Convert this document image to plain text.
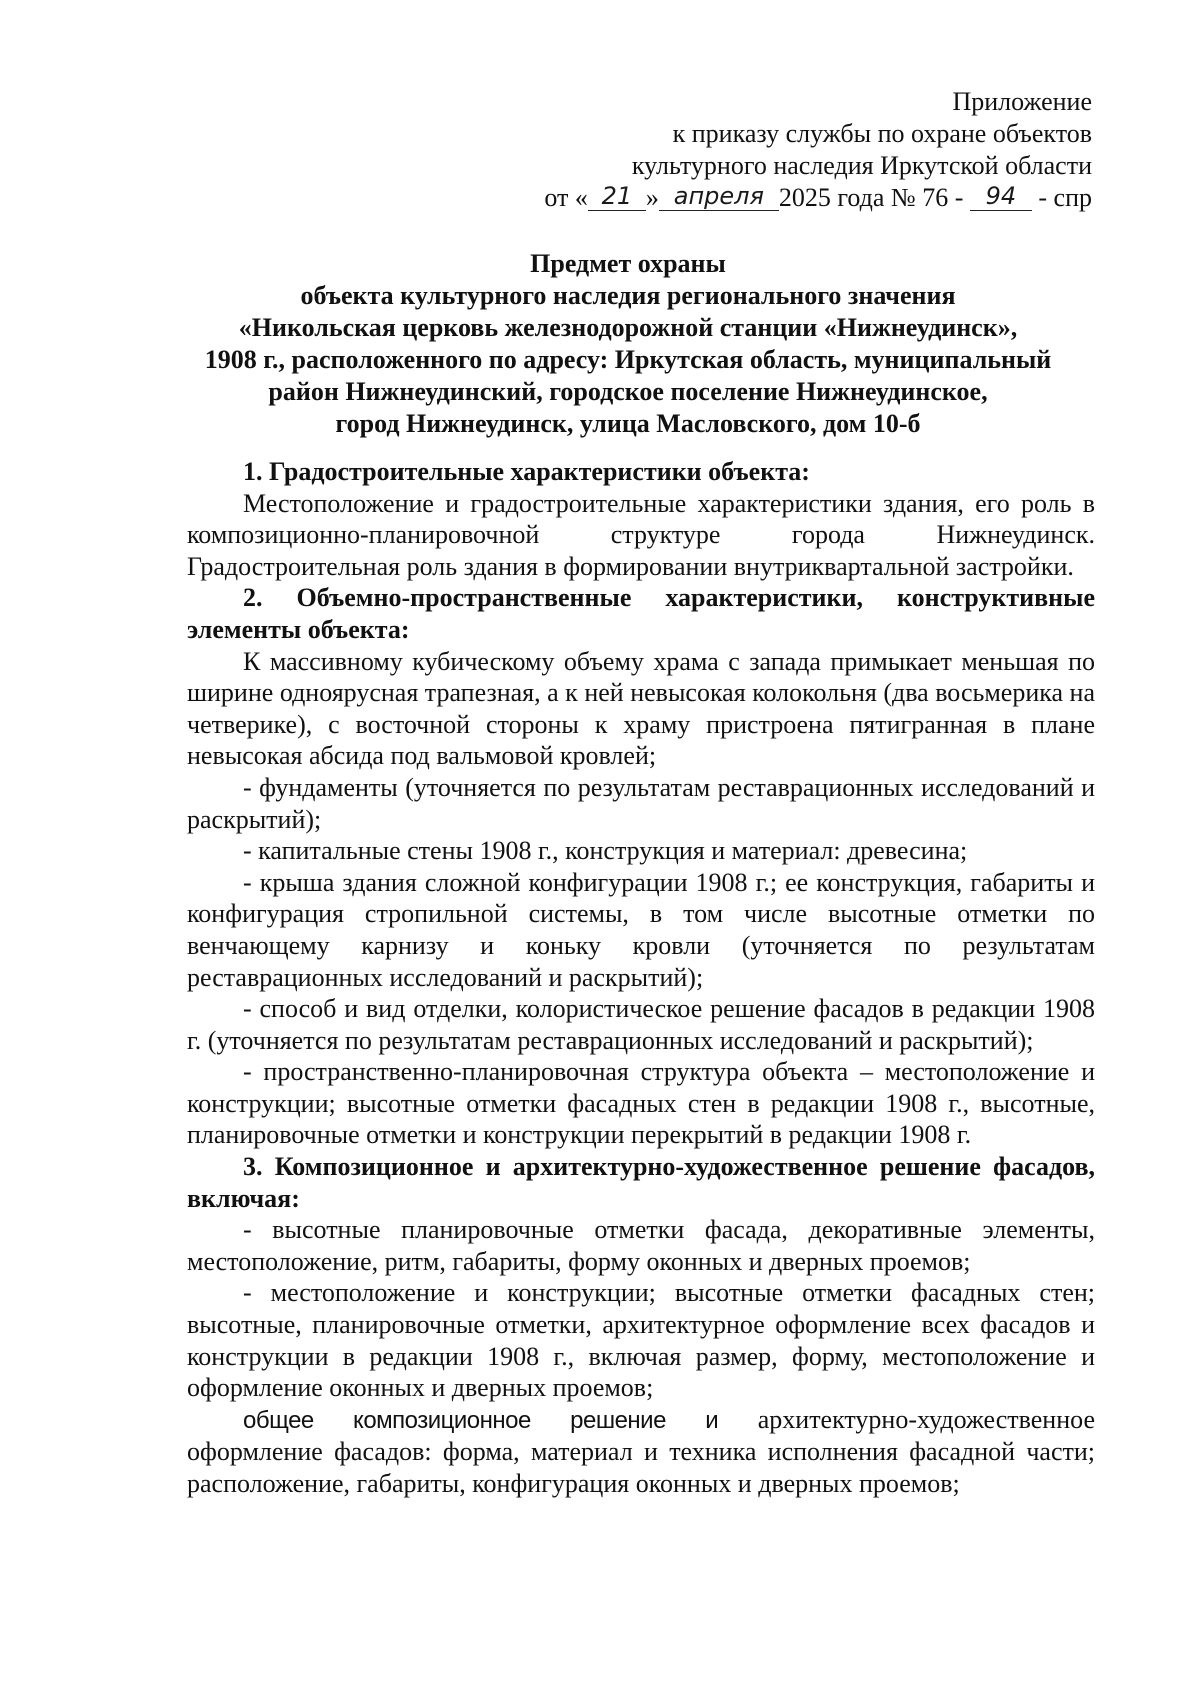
Приложение
к приказу службы по охране объектов
культурного наследия Иркутской области
от « 21 » апреля 2025 года № 76 - 94 - спр
Предмет охраны
объекта культурного наследия регионального значения
«Никольская церковь железнодорожной станции «Нижнеудинск»,
1908 г., расположенного по адресу: Иркутская область, муниципальный
район Нижнеудинский, городское поселение Нижнеудинское,
город Нижнеудинск, улица Масловского, дом 10-б

1. Градостроительные характеристики объекта:

Местоположение и градостроительные характеристики здания, его роль в композиционно-планировочной структуре города Нижнеудинск. Градостроительная роль здания в формировании внутриквартальной застройки.

2. Объемно-пространственные характеристики, конструктивные элементы объекта:

К массивному кубическому объему храма с запада примыкает меньшая по ширине одноярусная трапезная, а к ней невысокая колокольня (два восьмерика на четверике), с восточной стороны к храму пристроена пятигранная в плане невысокая абсида под вальмовой кровлей;

- фундаменты (уточняется по результатам реставрационных исследований и раскрытий);

- капитальные стены 1908 г., конструкция и материал: древесина;

- крыша здания сложной конфигурации 1908 г.; ее конструкция, габариты и конфигурация стропильной системы, в том числе высотные отметки по венчающему карнизу и коньку кровли (уточняется по результатам реставрационных исследований и раскрытий);

- способ и вид отделки, колористическое решение фасадов в редакции 1908 г. (уточняется по результатам реставрационных исследований и раскрытий);

- пространственно-планировочная структура объекта – местоположение и конструкции; высотные отметки фасадных стен в редакции 1908 г., высотные, планировочные отметки и конструкции перекрытий в редакции 1908 г.

3. Композиционное и архитектурно-художественное решение фасадов, включая:

- высотные планировочные отметки фасада, декоративные элементы, местоположение, ритм, габариты, форму оконных и дверных проемов;

- местоположение и конструкции; высотные отметки фасадных стен; высотные, планировочные отметки, архитектурное оформление всех фасадов и конструкции в редакции 1908 г., включая размер, форму, местоположение и оформление оконных и дверных проемов;

общее композиционное решение и архитектурно-художественное оформление фасадов: форма, материал и техника исполнения фасадной части; расположение, габариты, конфигурация оконных и дверных проемов;
